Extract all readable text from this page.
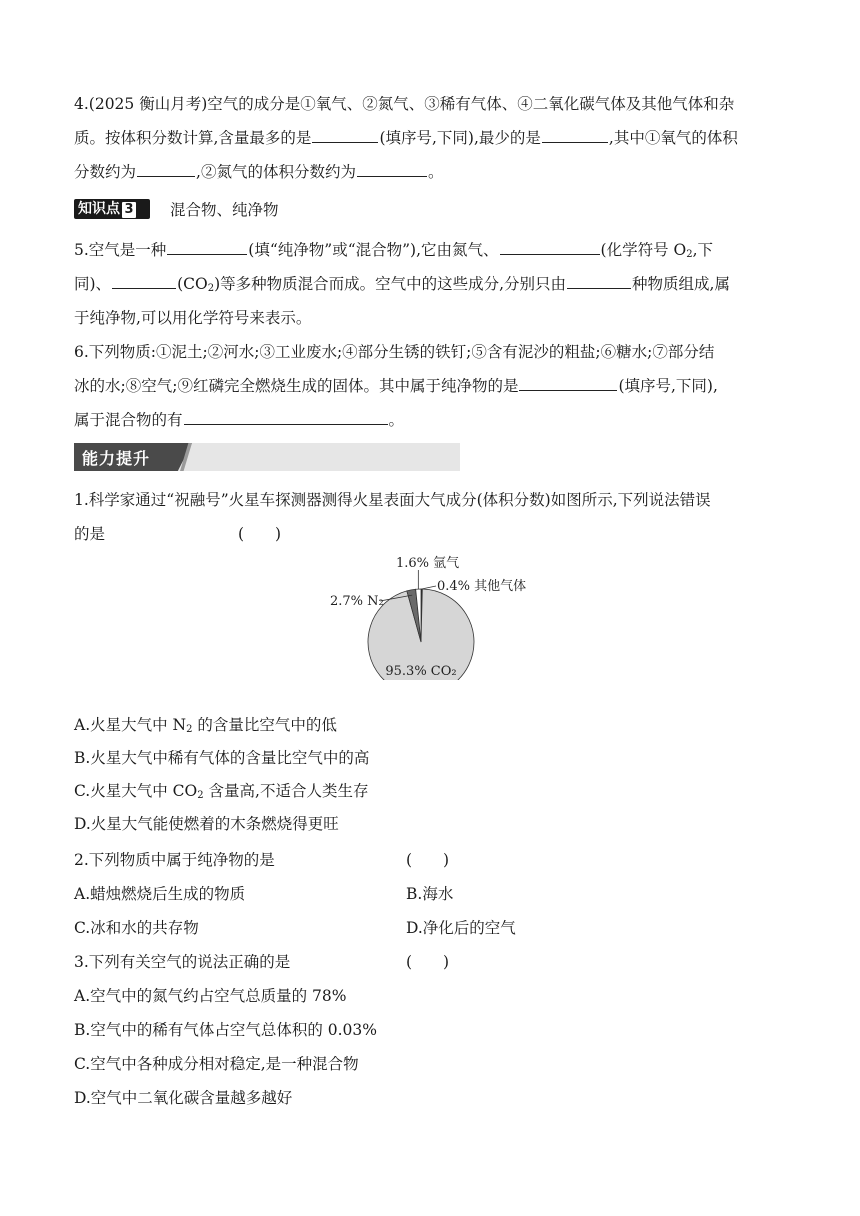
4.(2025 衡山月考)空气的成分是①氧气、②氮气、③稀有气体、④二氧化碳气体及其他气体和杂
质。按体积分数计算,含量最多的是	(填序号,下同),最少的是	,其中①氧气的体积
分数约为	,②氮气的体积分数约为	。
知识点 3	混合物、纯净物
5.空气是一种	(填“纯净物”或“混合物”),它由氮气、	(化学符号 $O_2$,下
同)、	$(CO_2)$等多种物质混合而成。空气中的这些成分,分别只由	种物质组成,属
于纯净物,可以用化学符号来表示。
6.下列物质:①泥土;②河水;③工业废水;④部分生锈的铁钉;⑤含有泥沙的粗盐;⑥糖水;⑦部分结
冰的水;⑧空气;⑨红磷完全燃烧生成的固体。其中属于纯净物的是	(填序号,下同),
属于混合物的有	。
能力提升
1.科学家通过“祝融号”火星车探测器测得火星表面大气成分(体积分数)如图所示,下列说法错误
的是	(　　)
95.3% CO₂
2.7% N₂
1.6% 氩气
0.4% 其他气体
A.火星大气中 $N_2$ 的含量比空气中的低
B.火星大气中稀有气体的含量比空气中的高
C.火星大气中 $CO_2$ 含量高,不适合人类生存
D.火星大气能使燃着的木条燃烧得更旺
2.下列物质中属于纯净物的是	(　　)
A.蜡烛燃烧后生成的物质	B.海水
C.冰和水的共存物	D.净化后的空气
3.下列有关空气的说法正确的是	(　　)
A.空气中的氮气约占空气总质量的 78%
B.空气中的稀有气体占空气总体积的 0.03%
C.空气中各种成分相对稳定,是一种混合物
D.空气中二氧化碳含量越多越好
